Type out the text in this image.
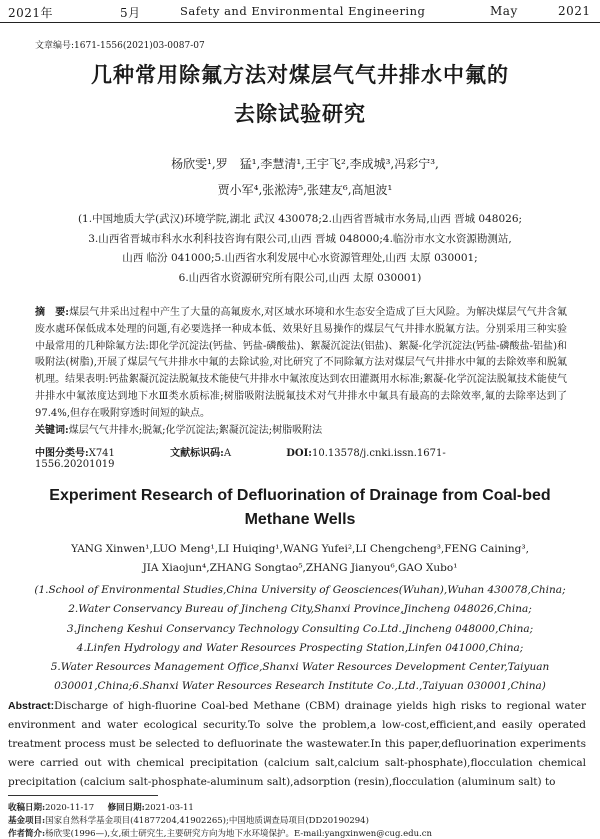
2021年	5月	Safety and Environmental Engineering	May	2021
文章编号:1671-1556(2021)03-0087-07
几种常用除氟方法对煤层气气井排水中氟的
去除试验研究
杨欣雯¹,罗　猛¹,李慧清¹,王宇飞²,李成城³,冯彩宁³,
贾小军⁴,张淞涛⁵,张建友⁶,高旭波¹
(1.中国地质大学(武汉)环境学院,湖北 武汉 430078;2.山西省晋城市水务局,山西 晋城 048026;
3.山西省晋城市科水水利科技咨询有限公司,山西 晋城 048000;4.临汾市水文水资源勘测站,
山西 临汾 041000;5.山西省水利发展中心水资源管理处,山西 太原 030001;
6.山西省水资源研究所有限公司,山西 太原 030001)
摘　要:煤层气井采出过程中产生了大量的高氟废水,对区域水环境和水生态安全造成了巨大风险。为解决煤层气气井含氟废水處环保低成本处理的问题,有必要选择一种成本低、效果好且易操作的煤层气气井排水脱氟方法。分别采用三种实验中最常用的几种除氟方法:即化学沉淀法(钙盐、钙盐-磷酸盐)、絮凝沉淀法(铝盐)、絮凝-化学沉淀法(钙盐-磷酸盐-铝盐)和吸附法(树脂),开展了煤层气气井排水中氟的去除试验,对比研究了不同除氟方法对煤层气气井排水中氟的去除效率和脱氟机理。结果表明:钙盐絮凝沉淀法脱氟技术能使气井排水中氟浓度达到农田灌溉用水标准;絮凝-化学沉淀法脱氟技术能使气井排水中氟浓度达到地下水Ⅲ类水质标准;树脂吸附法脱氟技术对气井排水中氟具有最高的去除效率,氟的去除率达到了97.4%,但存在吸附穿透时间短的缺点。
关键词:煤层气气井排水;脱氟;化学沉淀法;絮凝沉淀法;树脂吸附法
中图分类号:X741	文献标识码:A	DOI:10.13578/j.cnki.issn.1671-1556.20201019
Experiment Research of Defluorination of Drainage from Coal-bed
Methane Wells
YANG Xinwen¹,LUO Meng¹,LI Huiqing¹,WANG Yufei²,LI Chengcheng³,FENG Caining³,
JIA Xiaojun⁴,ZHANG Songtao⁵,ZHANG Jianyou⁶,GAO Xubo¹
(1.School of Environmental Studies,China University of Geosciences(Wuhan),Wuhan 430078,China;
2.Water Conservancy Bureau of Jincheng City,Shanxi Province,Jincheng 048026,China;
3.Jincheng Keshui Conservancy Technology Consulting Co.Ltd.,Jincheng 048000,China;
4.Linfen Hydrology and Water Resources Prospecting Station,Linfen 041000,China;
5.Water Resources Management Office,Shanxi Water Resources Development Center,Taiyuan
030001,China;6.Shanxi Water Resources Research Institute Co.,Ltd.,Taiyuan 030001,China)
Abstract:Discharge of high-fluorine Coal-bed Methane (CBM) drainage yields high risks to regional water environment and water ecological security.To solve the problem,a low-cost,efficient,and easily operated treatment process must be selected to defluorinate the wastewater.In this paper,defluorination experiments were carried out with chemical precipitation (calcium salt,calcium salt-phosphate),flocculation chemical precipitation (calcium salt-phosphate-aluminum salt),adsorption (resin),flocculation (aluminum salt) to
收稿日期:2020-11-17 修回日期:2021-03-11
基金项目:国家自然科学基金项目(41877204,41902265);中国地质调查局项目(DD20190294)
作者简介:杨欣雯(1996—),女,硕士研究生,主要研究方向为地下水环境保护。E-mail:yangxinwen@cug.edu.cn
